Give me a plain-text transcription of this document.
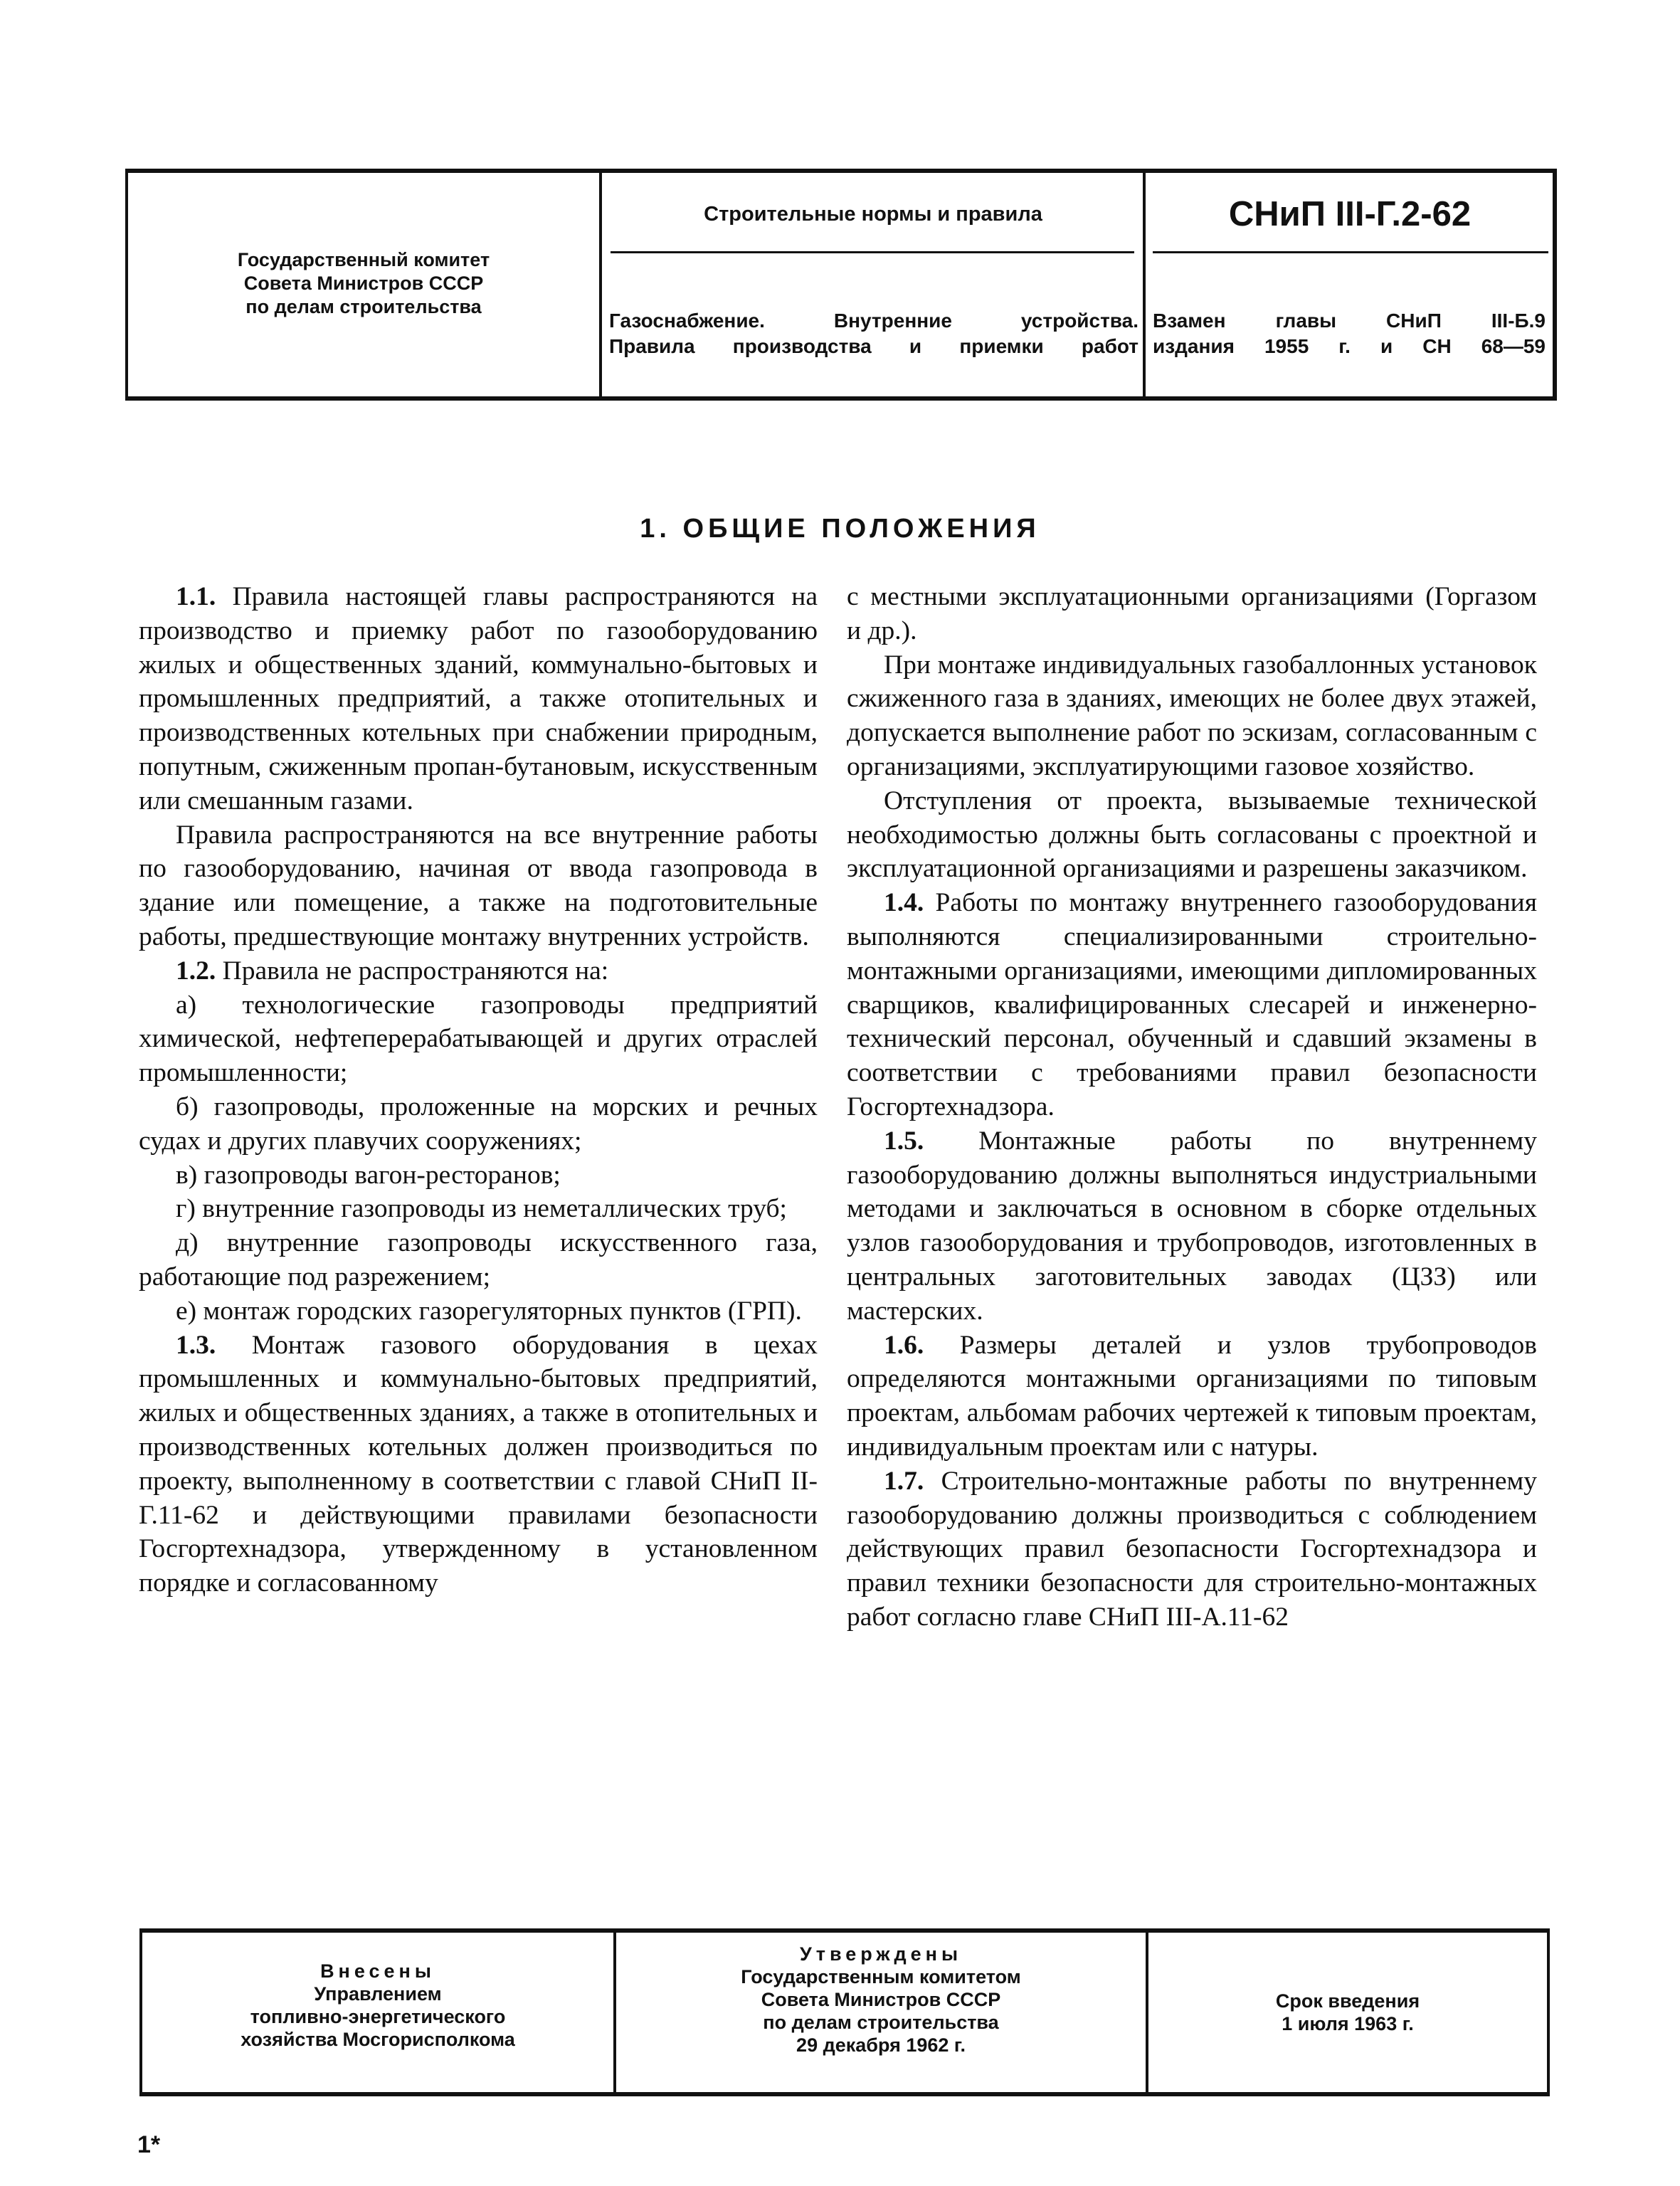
Государственный комитет
Совета Министров СССР
по делам строительства
Строительные нормы и правила	СНиП III-Г.2-62
Газоснабжение. Внутренние устройства.
Правила производства и приемки работ
Взамен главы СНиП III-Б.9
издания 1955 г. и СН 68—59
1. ОБЩИЕ ПОЛОЖЕНИЯ

1.1. Правила настоящей главы распространяются на производство и приемку работ по газооборудованию жилых и общественных зданий, коммунально-бытовых и промышленных предприятий, а также отопительных и производственных котельных при снабжении природным, попутным, сжиженным пропан-бутановым, искусственным или смешанным газами.

Правила распространяются на все внутренние работы по газооборудованию, начиная от ввода газопровода в здание или помещение, а также на подготовительные работы, предшествующие монтажу внутренних устройств.

1.2. Правила не распространяются на:

а) технологические газопроводы предприятий химической, нефтеперерабатывающей и других отраслей промышленности;

б) газопроводы, проложенные на морских и речных судах и других плавучих сооружениях;

в) газопроводы вагон-ресторанов;

г) внутренние газопроводы из неметаллических труб;

д) внутренние газопроводы искусственного газа, работающие под разрежением;

е) монтаж городских газорегуляторных пунктов (ГРП).

1.3. Монтаж газового оборудования в цехах промышленных и коммунально-бытовых предприятий, жилых и общественных зданиях, а также в отопительных и производственных котельных должен производиться по проекту, выполненному в соответствии с главой СНиП II-Г.11-62 и действующими правилами безопасности Госгортехнадзора, утвержденному в установленном порядке и согласованному

с местными эксплуатационными организациями (Горгазом и др.).

При монтаже индивидуальных газобаллонных установок сжиженного газа в зданиях, имеющих не более двух этажей, допускается выполнение работ по эскизам, согласованным с организациями, эксплуатирующими газовое хозяйство.

Отступления от проекта, вызываемые технической необходимостью должны быть согласованы с проектной и эксплуатационной организациями и разрешены заказчиком.

1.4. Работы по монтажу внутреннего газооборудования выполняются специализированными строительно-монтажными организациями, имеющими дипломированных сварщиков, квалифицированных слесарей и инженерно-технический персонал, обученный и сдавший экзамены в соответствии с требованиями правил безопасности Госгортехнадзора.

1.5. Монтажные работы по внутреннему газооборудованию должны выполняться индустриальными методами и заключаться в основном в сборке отдельных узлов газооборудования и трубопроводов, изготовленных в центральных заготовительных заводах (ЦЗЗ) или мастерских.

1.6. Размеры деталей и узлов трубопроводов определяются монтажными организациями по типовым проектам, альбомам рабочих чертежей к типовым проектам, индивидуальным проектам или с натуры.

1.7. Строительно-монтажные работы по внутреннему газооборудованию должны производиться с соблюдением действующих правил безопасности Госгортехнадзора и правил техники безопасности для строительно-монтажных работ согласно главе СНиП III-А.11-62

Внесены
Управлением
топливно-энергетического
хозяйства Мосгорисполкома
Утверждены
Государственным комитетом
Совета Министров СССР
по делам строительства
29 декабря 1962 г.
Срок введения
1 июля 1963 г.
1*
